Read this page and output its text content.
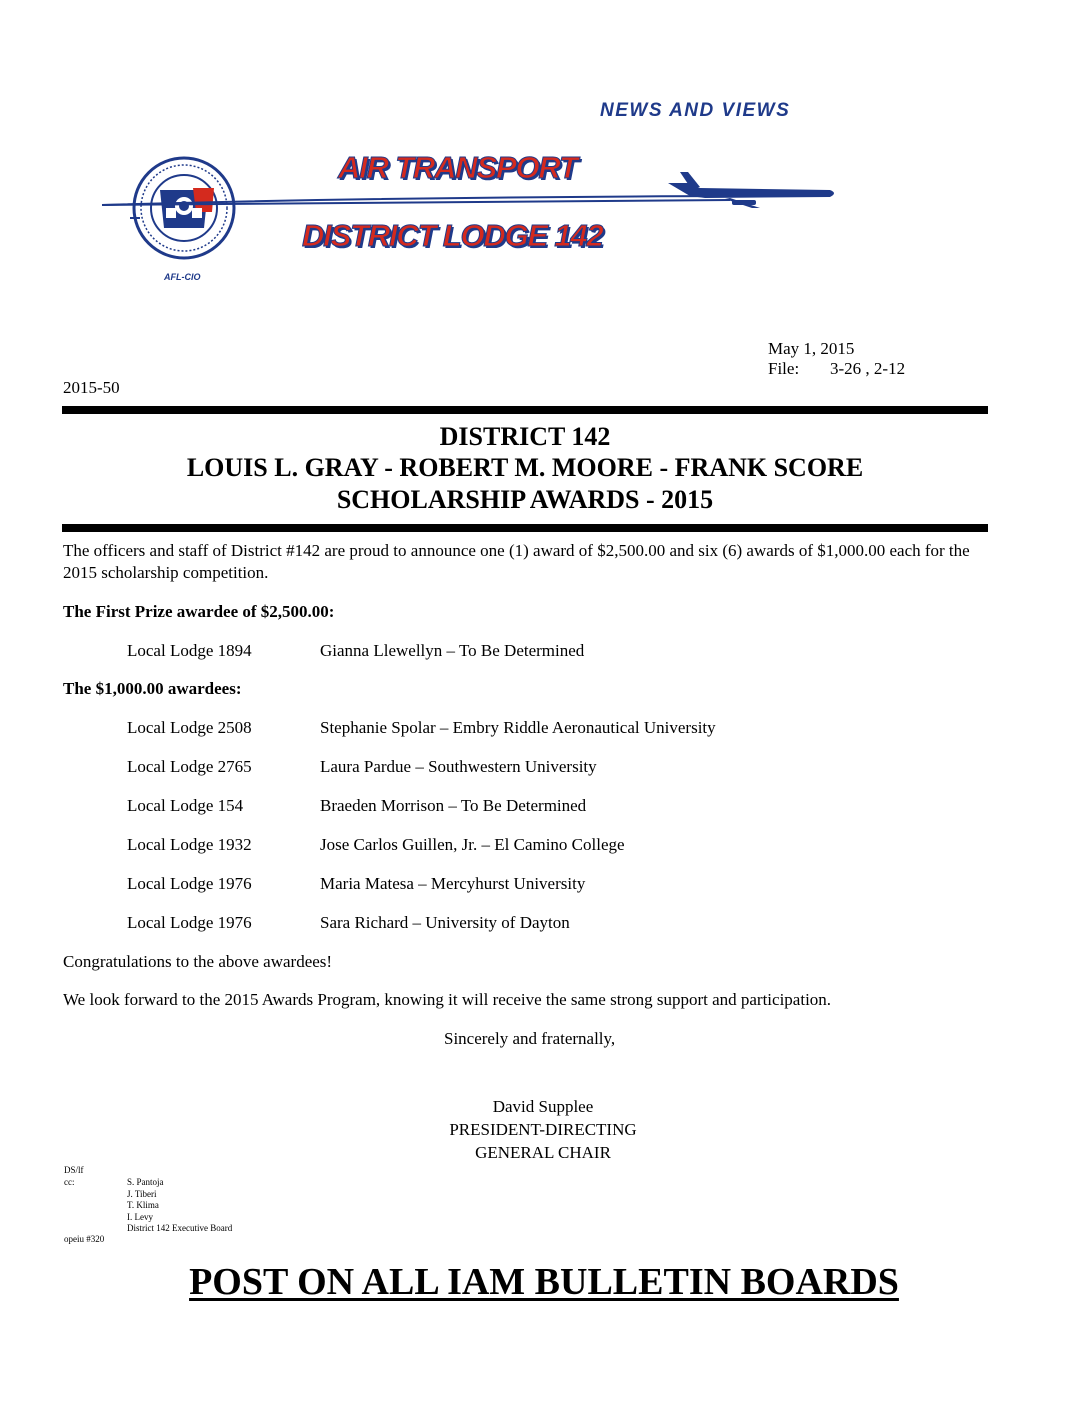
NEWS AND VIEWS
AIR TRANSPORT
DISTRICT LODGE 142
AFL-CIO
May 1, 2015
File: 3-26 , 2-12
2015-50
DISTRICT 142
LOUIS L. GRAY - ROBERT M. MOORE - FRANK SCORE
SCHOLARSHIP AWARDS - 2015
The officers and staff of District #142 are proud to announce one (1) award of $2,500.00 and six (6) awards of $1,000.00 each for the 2015 scholarship competition.
The First Prize awardee of $2,500.00:
Local Lodge 1894	Gianna Llewellyn – To Be Determined
The $1,000.00 awardees:
Local Lodge 2508	Stephanie Spolar – Embry Riddle Aeronautical University
Local Lodge 2765	Laura Pardue – Southwestern University
Local Lodge 154	Braeden Morrison – To Be Determined
Local Lodge 1932	Jose Carlos Guillen, Jr. – El Camino College
Local Lodge 1976	Maria Matesa – Mercyhurst University
Local Lodge 1976	Sara Richard – University of Dayton
Congratulations to the above awardees!
We look forward to the 2015 Awards Program, knowing it will receive the same strong support and participation.
Sincerely and fraternally,
David Supplee
PRESIDENT-DIRECTING
GENERAL CHAIR
DS/lf
cc:	S. Pantoja
J. Tiberi
T. Klima
I. Levy
District 142 Executive Board
opeiu #320
POST ON ALL IAM BULLETIN BOARDS
